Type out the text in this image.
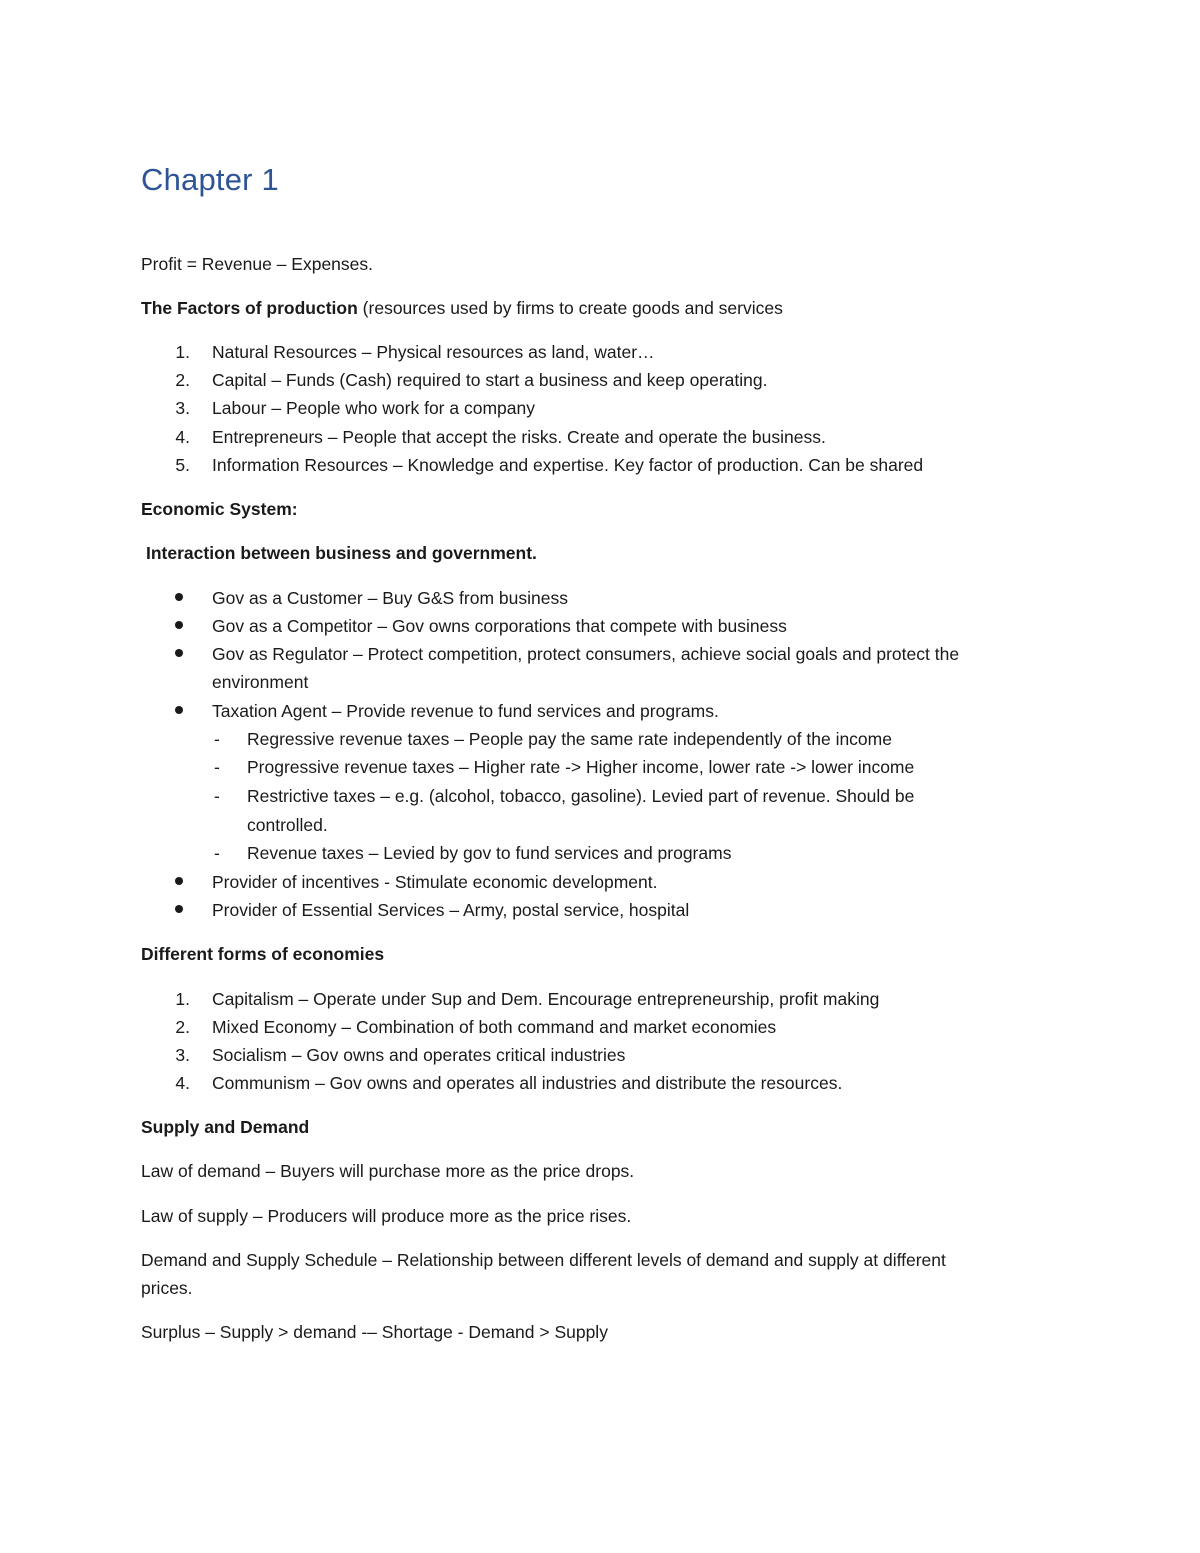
Chapter 1

Profit = Revenue – Expenses.

The Factors of production (resources used by firms to create goods and services

1. Natural Resources – Physical resources as land, water…

2. Capital – Funds (Cash) required to start a business and keep operating.

3. Labour – People who work for a company

4. Entrepreneurs – People that accept the risks. Create and operate the business.

5. Information Resources – Knowledge and expertise. Key factor of production. Can be shared

Economic System:

Interaction between business and government.

Gov as a Customer – Buy G&S from business

Gov as a Competitor – Gov owns corporations that compete with business

Gov as Regulator – Protect competition, protect consumers, achieve social goals and protect the

environment

Taxation Agent – Provide revenue to fund services and programs.

- Regressive revenue taxes – People pay the same rate independently of the income

- Progressive revenue taxes – Higher rate -> Higher income, lower rate -> lower income

- Restrictive taxes – e.g. (alcohol, tobacco, gasoline). Levied part of revenue. Should be

controlled.

- Revenue taxes – Levied by gov to fund services and programs

Provider of incentives - Stimulate economic development.

Provider of Essential Services – Army, postal service, hospital

Different forms of economies

1. Capitalism – Operate under Sup and Dem. Encourage entrepreneurship, profit making

2. Mixed Economy – Combination of both command and market economies

3. Socialism – Gov owns and operates critical industries

4. Communism – Gov owns and operates all industries and distribute the resources.

Supply and Demand

Law of demand – Buyers will purchase more as the price drops.

Law of supply – Producers will produce more as the price rises.

Demand and Supply Schedule – Relationship between different levels of demand and supply at different

prices.

Surplus – Supply > demand -– Shortage - Demand > Supply
